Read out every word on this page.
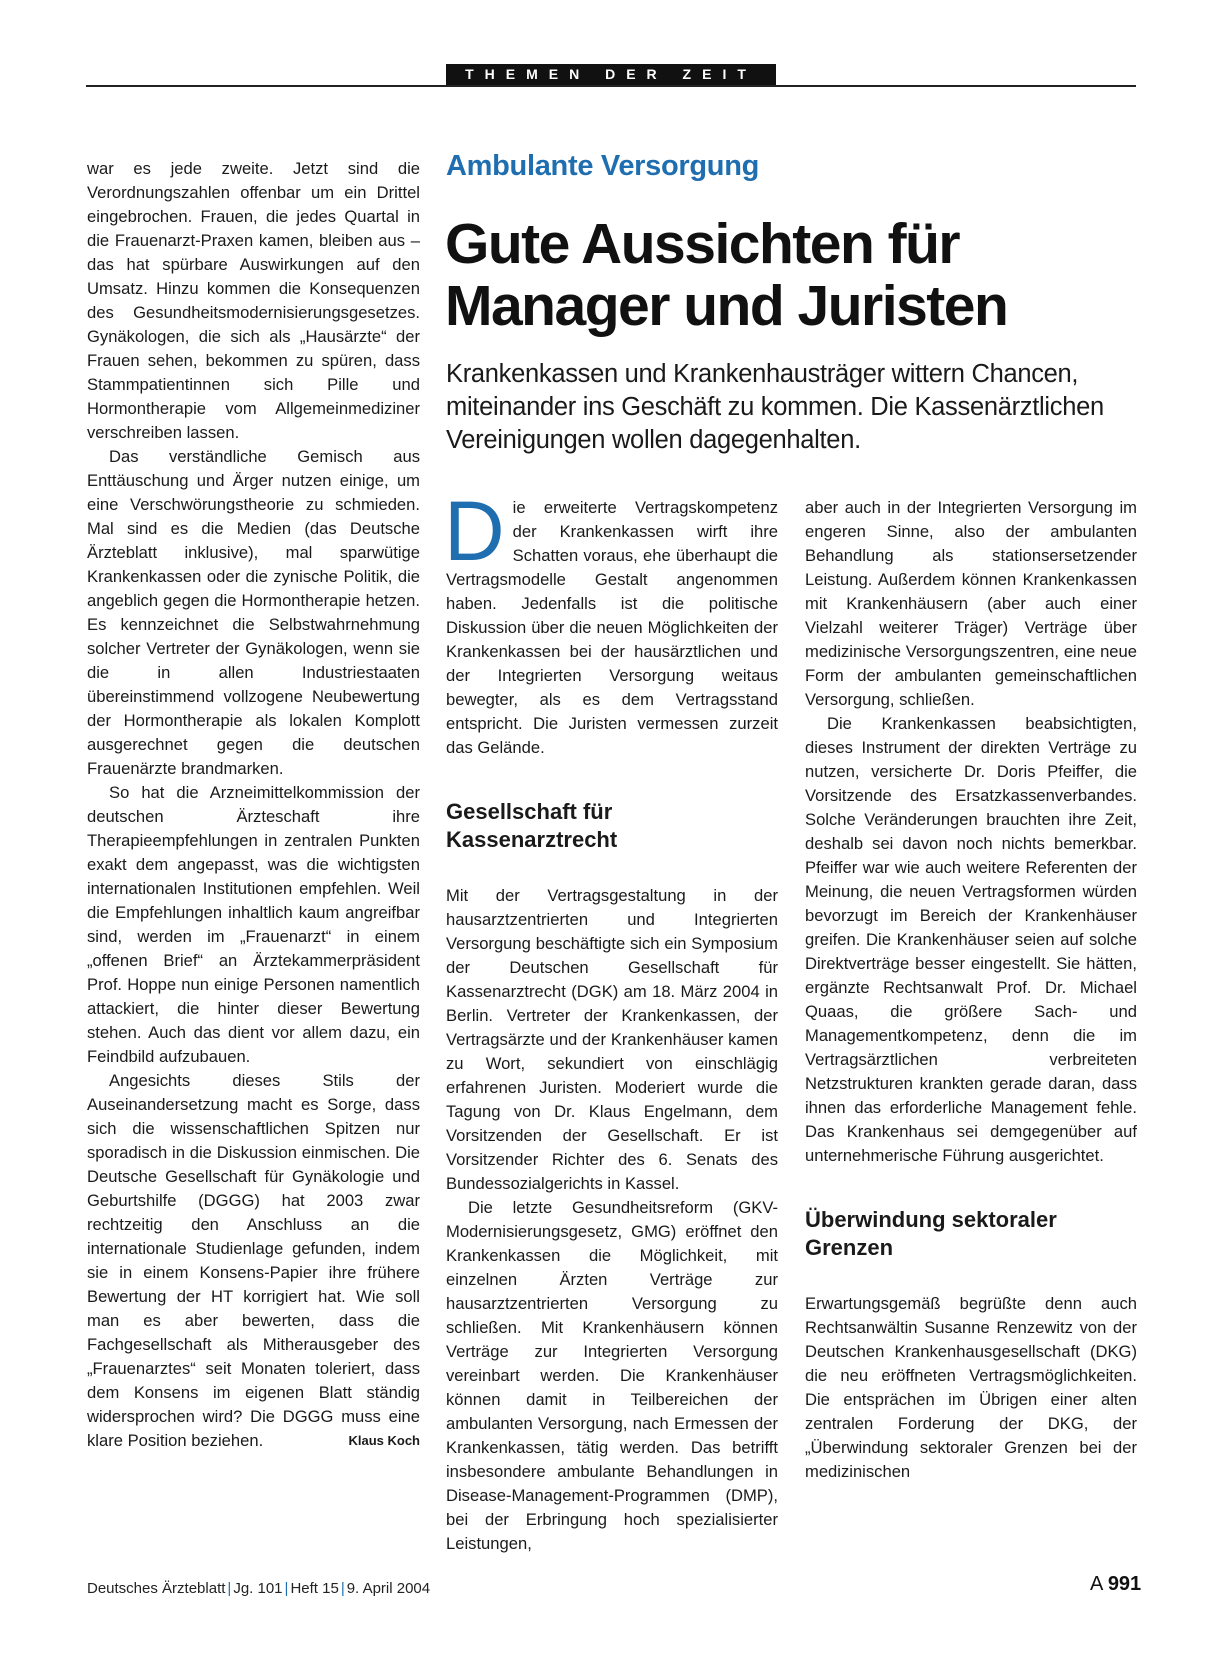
THEMEN DER ZEIT

war es jede zweite. Jetzt sind die Verordnungszahlen offenbar um ein Drittel eingebrochen. Frauen, die jedes Quartal in die Frauenarzt-Praxen kamen, bleiben aus – das hat spürbare Auswirkungen auf den Umsatz. Hinzu kommen die Konsequenzen des Gesundheitsmodernisierungsgesetzes. Gynäkologen, die sich als „Hausärzte“ der Frauen sehen, bekommen zu spüren, dass Stammpatientinnen sich Pille und Hormontherapie vom Allgemeinmediziner verschreiben lassen.

Das verständliche Gemisch aus Enttäuschung und Ärger nutzen einige, um eine Verschwörungstheorie zu schmieden. Mal sind es die Medien (das Deutsche Ärzteblatt inklusive), mal sparwütige Krankenkassen oder die zynische Politik, die angeblich gegen die Hormontherapie hetzen. Es kennzeichnet die Selbstwahrnehmung solcher Vertreter der Gynäkologen, wenn sie die in allen Industriestaaten übereinstimmend vollzogene Neubewertung der Hormontherapie als lokalen Komplott ausgerechnet gegen die deutschen Frauenärzte brandmarken.

So hat die Arzneimittelkommission der deutschen Ärzteschaft ihre Therapieempfehlungen in zentralen Punkten exakt dem angepasst, was die wichtigsten internationalen Institutionen empfehlen. Weil die Empfehlungen inhaltlich kaum angreifbar sind, werden im „Frauenarzt“ in einem „offenen Brief“ an Ärztekammerpräsident Prof. Hoppe nun einige Personen namentlich attackiert, die hinter dieser Bewertung stehen. Auch das dient vor allem dazu, ein Feindbild aufzubauen.

Angesichts dieses Stils der Auseinandersetzung macht es Sorge, dass sich die wissenschaftlichen Spitzen nur sporadisch in die Diskussion einmischen. Die Deutsche Gesellschaft für Gynäkologie und Geburtshilfe (DGGG) hat 2003 zwar rechtzeitig den Anschluss an die internationale Studienlage gefunden, indem sie in einem Konsens-Papier ihre frühere Bewertung der HT korrigiert hat. Wie soll man es aber bewerten, dass die Fachgesellschaft als Mitherausgeber des „Frauenarztes“ seit Monaten toleriert, dass dem Konsens im eigenen Blatt ständig widersprochen wird? Die DGGG muss eine klare Position beziehen.	Klaus Koch

Ambulante Versorgung
Gute Aussichten für
Manager und Juristen

Krankenkassen und Krankenhausträger wittern Chancen, miteinander ins Geschäft zu kommen. Die Kassenärztlichen Vereinigungen wollen dagegenhalten.

Die erweiterte Vertragskompetenz der Krankenkassen wirft ihre Schatten voraus, ehe überhaupt die Vertragsmodelle Gestalt angenommen haben. Jedenfalls ist die politische Diskussion über die neuen Möglichkeiten der Krankenkassen bei der hausärztlichen und der Integrierten Versorgung weitaus bewegter, als es dem Vertragsstand entspricht. Die Juristen vermessen zurzeit das Gelände.

Gesellschaft für Kassenarztrecht

Mit der Vertragsgestaltung in der hausarztzentrierten und Integrierten Versorgung beschäftigte sich ein Symposium der Deutschen Gesellschaft für Kassenarztrecht (DGK) am 18. März 2004 in Berlin. Vertreter der Krankenkassen, der Vertragsärzte und der Krankenhäuser kamen zu Wort, sekundiert von einschlägig erfahrenen Juristen. Moderiert wurde die Tagung von Dr. Klaus Engelmann, dem Vorsitzenden der Gesellschaft. Er ist Vorsitzender Richter des 6. Senats des Bundessozialgerichts in Kassel.

Die letzte Gesundheitsreform (GKV-Modernisierungsgesetz, GMG) eröffnet den Krankenkassen die Möglichkeit, mit einzelnen Ärzten Verträge zur hausarztzentrierten Versorgung zu schließen. Mit Krankenhäusern können Verträge zur Integrierten Versorgung vereinbart werden. Die Krankenhäuser können damit in Teilbereichen der ambulanten Versorgung, nach Ermessen der Krankenkassen, tätig werden. Das betrifft insbesondere ambulante Behandlungen in Disease-Management-Programmen (DMP), bei der Erbringung hoch spezialisierter Leistungen,

aber auch in der Integrierten Versorgung im engeren Sinne, also der ambulanten Behandlung als stationsersetzender Leistung. Außerdem können Krankenkassen mit Krankenhäusern (aber auch einer Vielzahl weiterer Träger) Verträge über medizinische Versorgungszentren, eine neue Form der ambulanten gemeinschaftlichen Versorgung, schließen.

Die Krankenkassen beabsichtigten, dieses Instrument der direkten Verträge zu nutzen, versicherte Dr. Doris Pfeiffer, die Vorsitzende des Ersatzkassenverbandes. Solche Veränderungen brauchten ihre Zeit, deshalb sei davon noch nichts bemerkbar. Pfeiffer war wie auch weitere Referenten der Meinung, die neuen Vertragsformen würden bevorzugt im Bereich der Krankenhäuser greifen. Die Krankenhäuser seien auf solche Direktverträge besser eingestellt. Sie hätten, ergänzte Rechtsanwalt Prof. Dr. Michael Quaas, die größere Sach- und Managementkompetenz, denn die im Vertragsärztlichen verbreiteten Netzstrukturen krankten gerade daran, dass ihnen das erforderliche Management fehle. Das Krankenhaus sei demgegenüber auf unternehmerische Führung ausgerichtet.

Überwindung sektoraler Grenzen

Erwartungsgemäß begrüßte denn auch Rechtsanwältin Susanne Renzewitz von der Deutschen Krankenhausgesellschaft (DKG) die neu eröffneten Vertragsmöglichkeiten. Die entsprächen im Übrigen einer alten zentralen Forderung der DKG, der „Überwindung sektoraler Grenzen bei der medizinischen

Deutsches Ärzteblatt | Jg. 101 | Heft 15 | 9. April 2004	A 991
